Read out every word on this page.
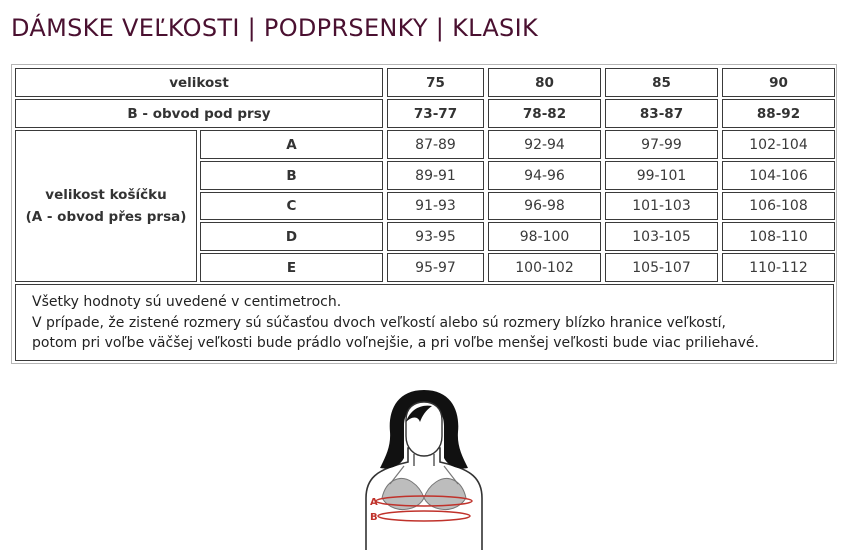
DÁMSKE VEĽKOSTI | PODPRSENKY | KLASIK
velikost	75	80	85	90
B - obvod pod prsy	73-77	78-82	83-87	88-92
velikost košíčku
(A - obvod přes prsa)
A	87-89	92-94	97-99	102-104
B	89-91	94-96	99-101	104-106
C	91-93	96-98	101-103	106-108
D	93-95	98-100	103-105	108-110
E	95-97	100-102	105-107	110-112
Všetky hodnoty sú uvedené v centimetroch.
V prípade, že zistené rozmery sú súčasťou dvoch veľkostí alebo sú rozmery blízko hranice veľkostí,
potom pri voľbe väčšej veľkosti bude prádlo voľnejšie, a pri voľbe menšej veľkosti bude viac priliehavé.
A
B
